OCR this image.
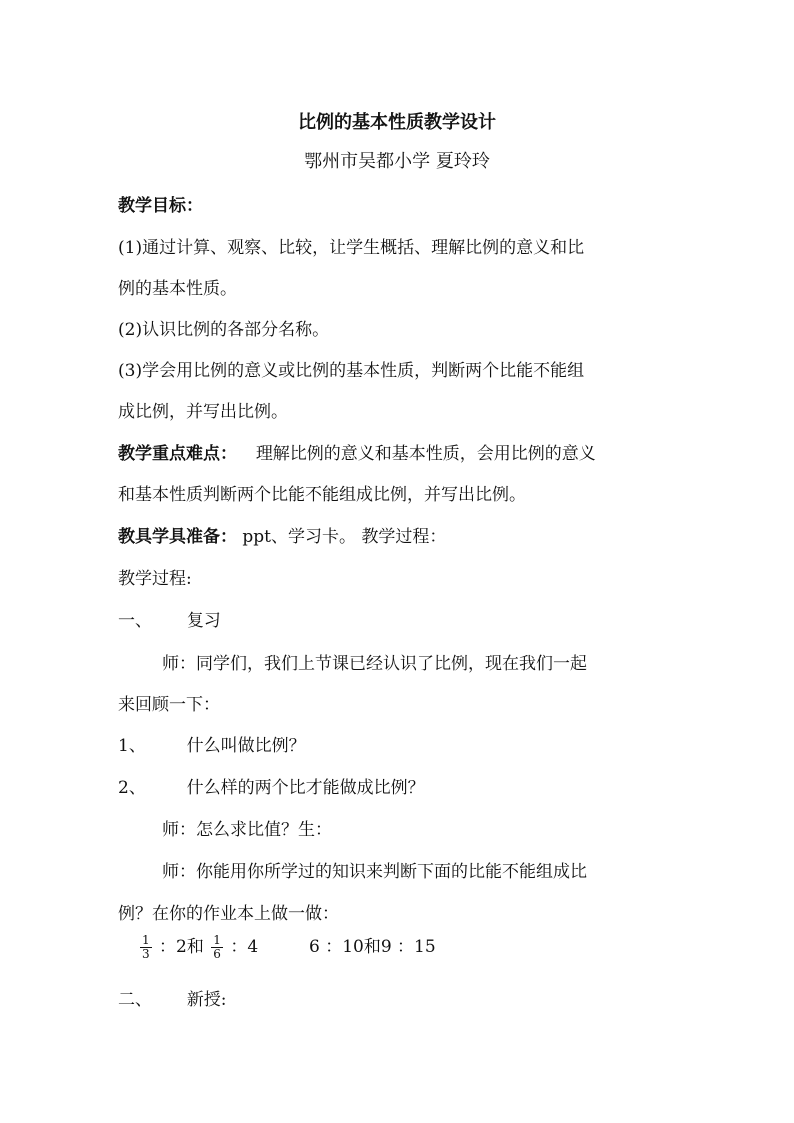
比例的基本性质教学设计
鄂州市吴都小学 夏玲玲
教学目标：
(1)通过计算、观察、比较，让学生概括、理解比例的意义和比
例的基本性质。
(2)认识比例的各部分名称。
(3)学会用比例的意义或比例的基本性质，判断两个比能不能组
成比例，并写出比例。
教学重点难点： 理解比例的意义和基本性质，会用比例的意义
和基本性质判断两个比能不能组成比例，并写出比例。
教具学具准备： ppt、学习卡。 教学过程：
教学过程:
一、 复习
师：同学们，我们上节课已经认识了比例，现在我们一起
来回顾一下：
1、 什么叫做比例？
2、 什么样的两个比才能做成比例？
师：怎么求比值？生：
师：你能用你所学过的知识来判断下面的比能不能组成比
例？在你的作业本上做一做：
$\frac{1}{3}$ ：2和 $\frac{1}{6}$ ：4	6 ：10和9 ：15
二、 新授:
